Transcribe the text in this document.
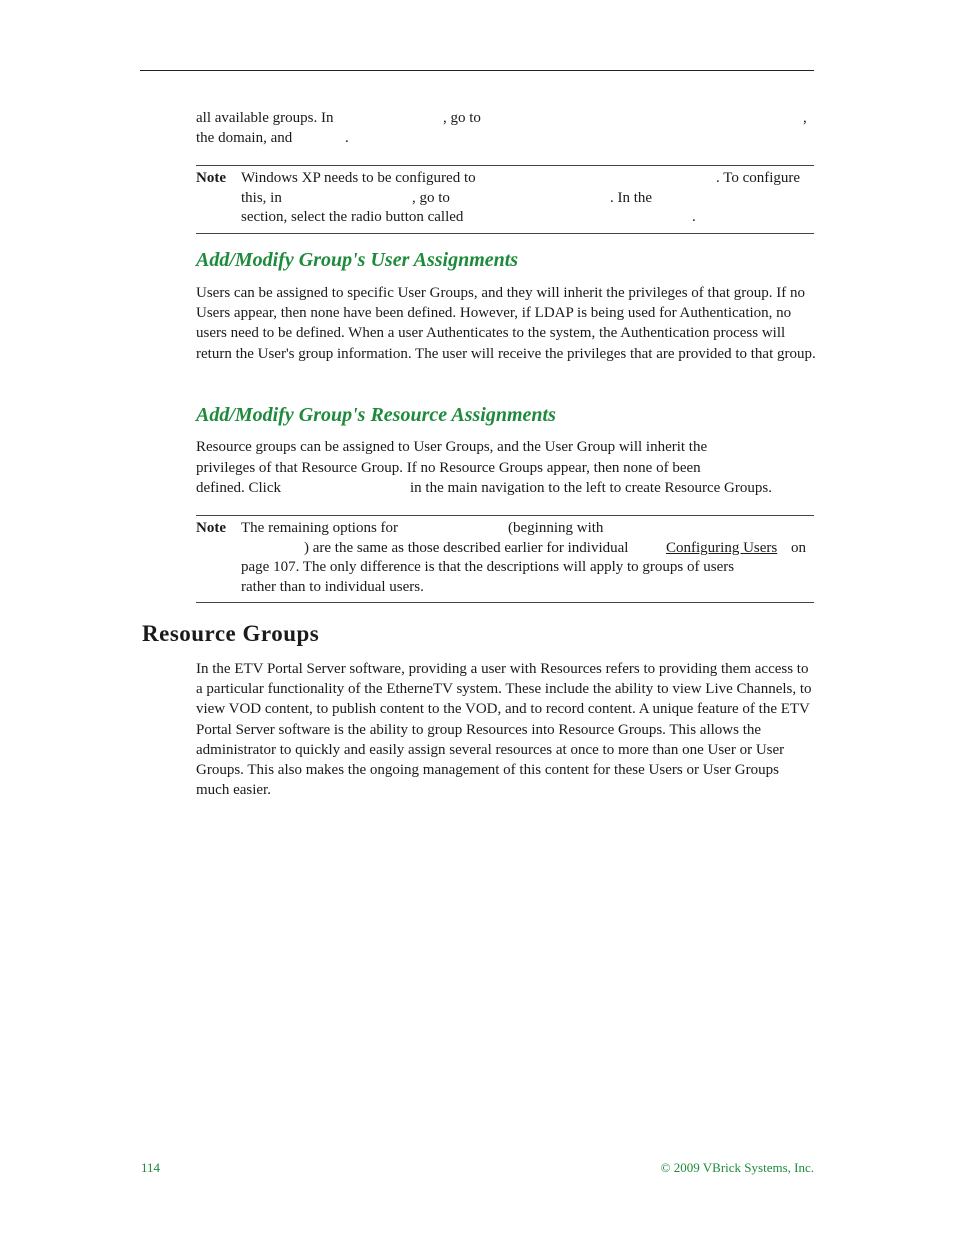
all available groups. In	, go to	,
the domain, and	.
Note Windows XP needs to be configured to	. To configure
this, in	, go to	. In the
section, select the radio button called	.
Add/Modify Group's User Assignments
Users can be assigned to specific User Groups, and they will inherit the privileges of that group. If no Users appear, then none have been defined. However, if LDAP is being used for Authentication, no users need to be defined. When a user Authenticates to the system, the Authentication process will return the User's group information. The user will receive the privileges that are provided to that group.
Add/Modify Group's Resource Assignments
Resource groups can be assigned to User Groups, and the User Group will inherit the
privileges of that Resource Group. If no Resource Groups appear, then none of been
defined. Click	in the main navigation to the left to create Resource Groups.
Note The remaining options for	(beginning with
) are the same as those described earlier for individual	Configuring Users on
page 107. The only difference is that the descriptions will apply to groups of users
rather than to individual users.
Resource Groups
In the ETV Portal Server software, providing a user with Resources refers to providing them access to a particular functionality of the EtherneTV system. These include the ability to view Live Channels, to view VOD content, to publish content to the VOD, and to record content. A unique feature of the ETV Portal Server software is the ability to group Resources into Resource Groups. This allows the administrator to quickly and easily assign several resources at once to more than one User or User Groups. This also makes the ongoing management of this content for these Users or User Groups much easier.
114	© 2009 VBrick Systems, Inc.
